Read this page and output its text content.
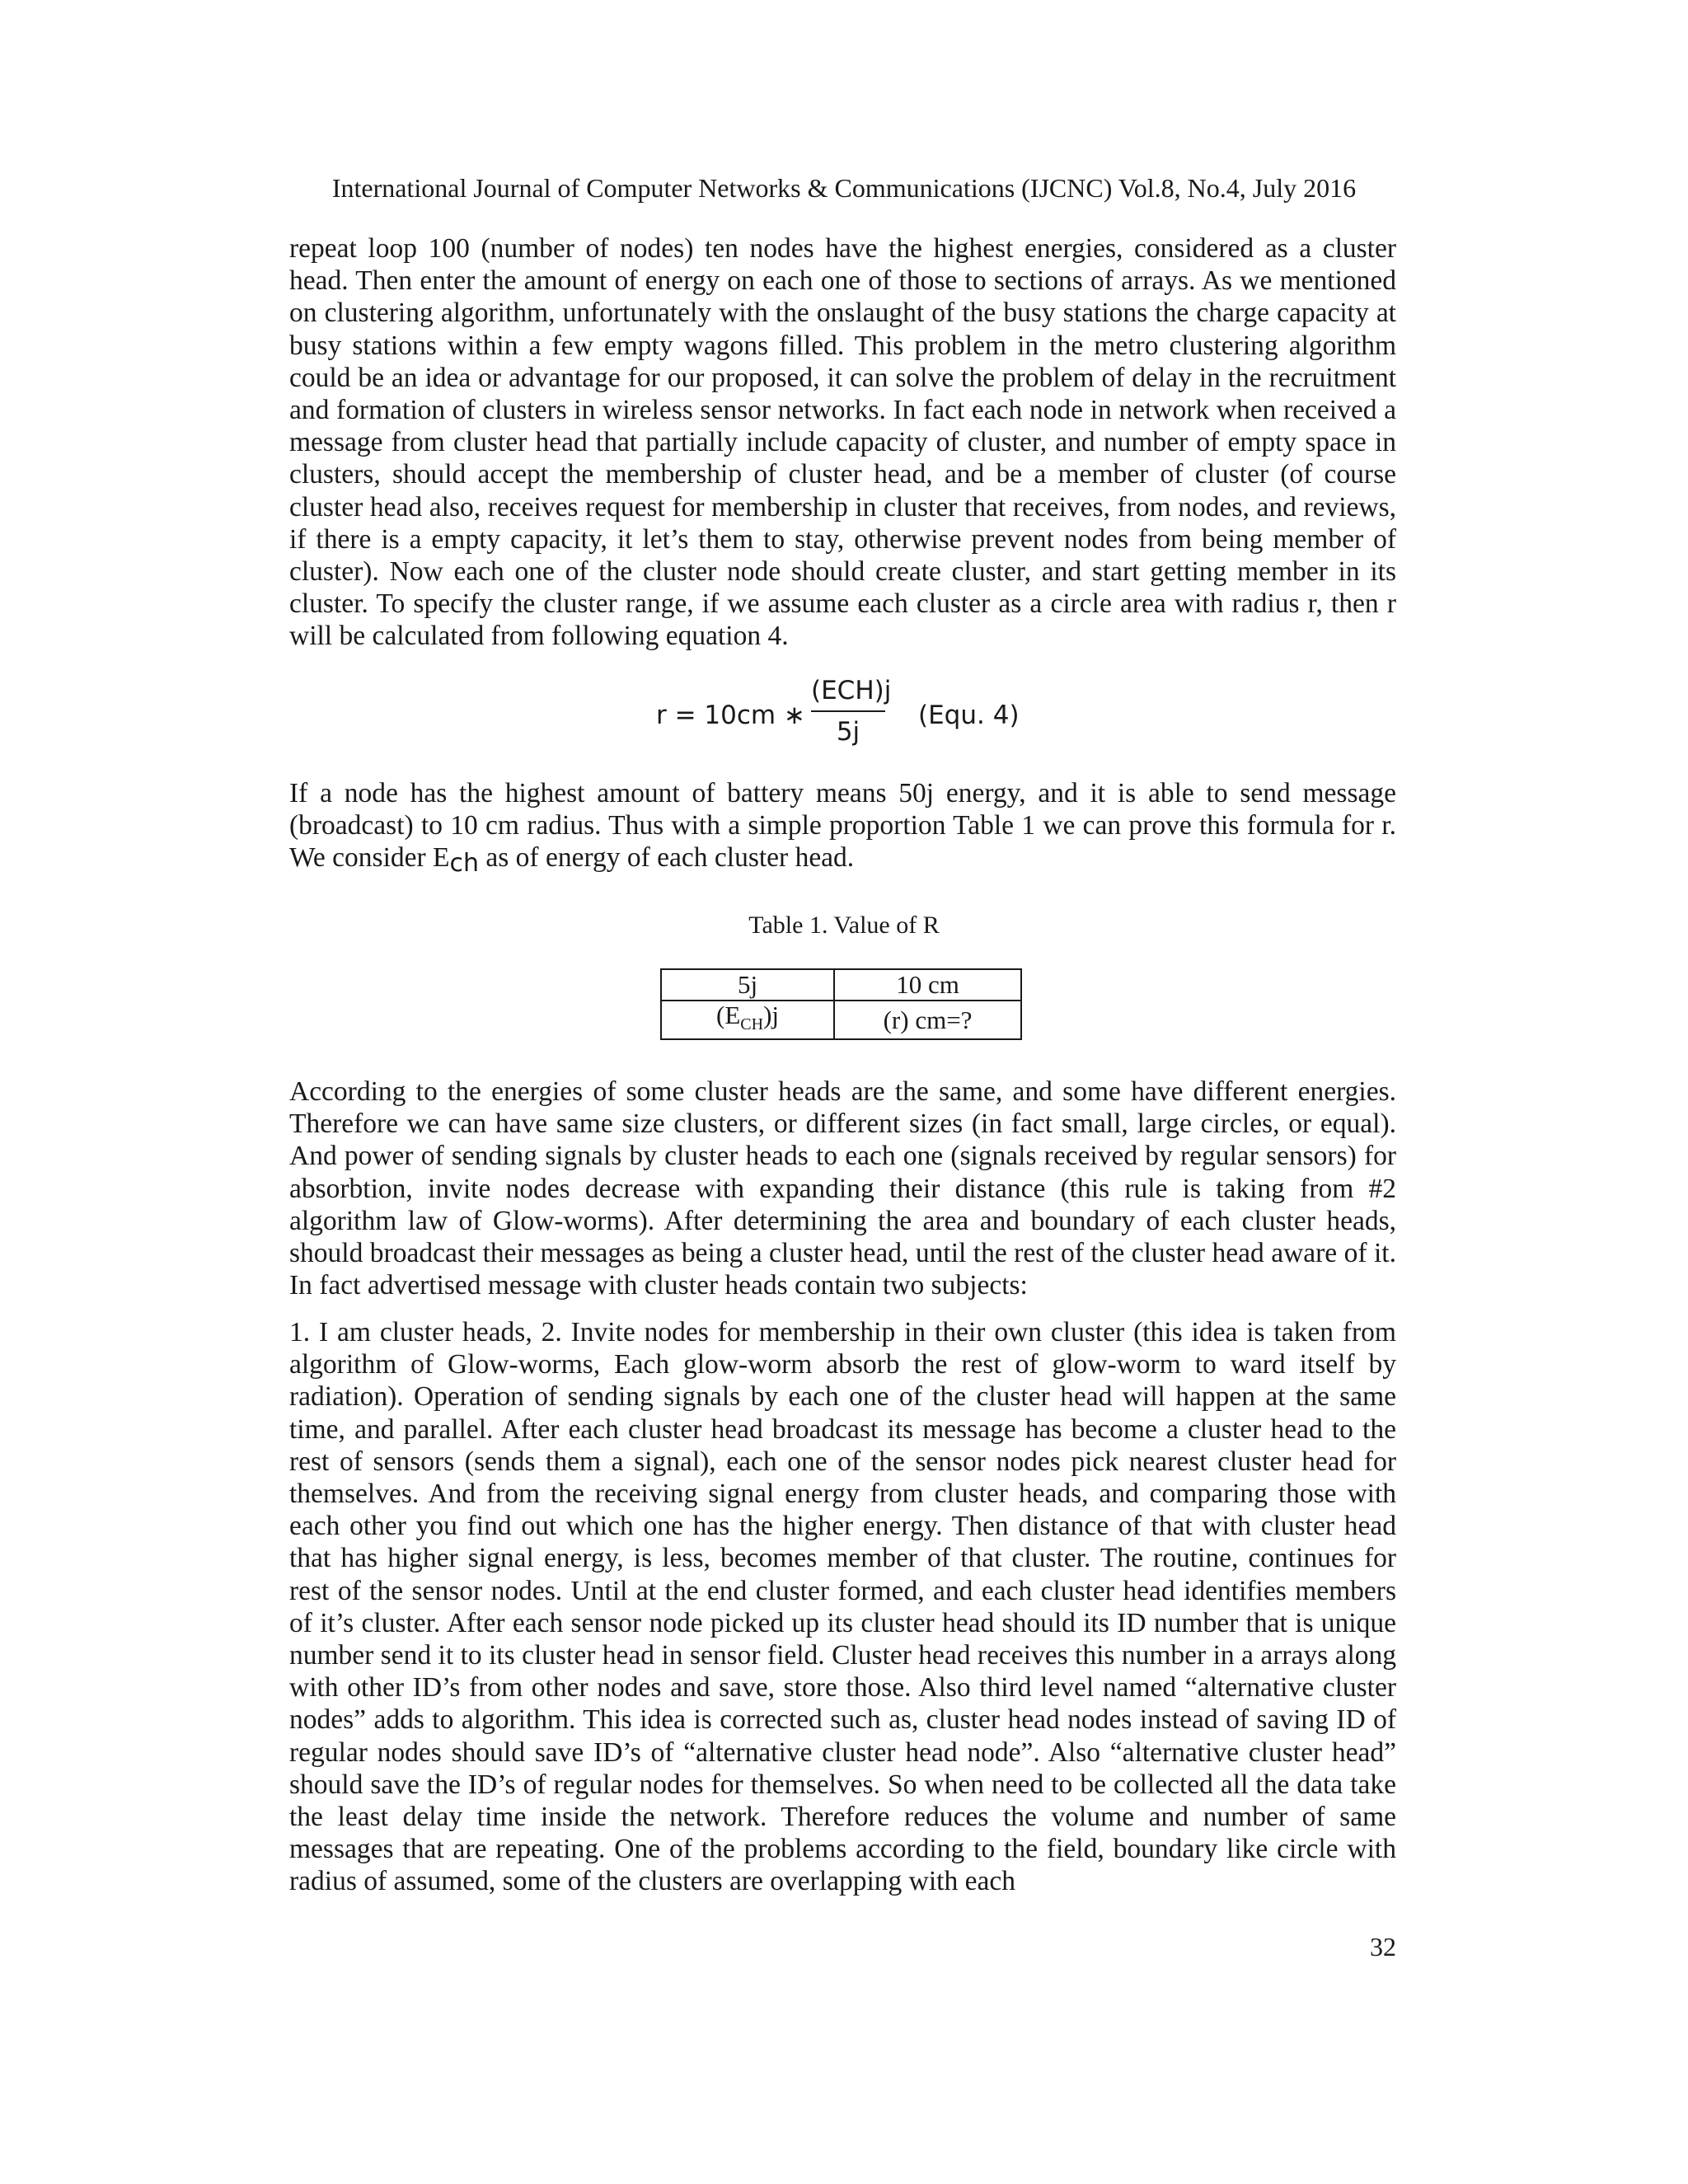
International Journal of Computer Networks & Communications (IJCNC) Vol.8, No.4, July 2016

repeat loop 100 (number of nodes) ten nodes have the highest energies, considered as a cluster head. Then enter the amount of energy on each one of those to sections of arrays. As we mentioned on clustering algorithm, unfortunately with the onslaught of the busy stations the charge capacity at busy stations within a few empty wagons filled. This problem in the metro clustering algorithm could be an idea or advantage for our proposed, it can solve the problem of delay in the recruitment and formation of clusters in wireless sensor networks. In fact each node in network when received a message from cluster head that partially include capacity of cluster, and number of empty space in clusters, should accept the membership of cluster head, and be a member of cluster (of course cluster head also, receives request for membership in cluster that receives, from nodes, and reviews, if there is a empty capacity, it let’s them to stay, otherwise prevent nodes from being member of cluster). Now each one of the cluster node should create cluster, and start getting member in its cluster. To specify the cluster range, if we assume each cluster as a circle area with radius r, then r will be calculated from following equation 4.

r = 10cm ∗
(ECH)j
5j
(Equ. 4)

If a node has the highest amount of battery means 50j energy, and it is able to send message (broadcast) to 10 cm radius. Thus with a simple proportion Table 1 we can prove this formula for r. We consider Ech as of energy of each cluster head.

Table 1. Value of R
5j	10 cm
$(E_{CH})j$	(r) cm=?

According to the energies of some cluster heads are the same, and some have different energies. Therefore we can have same size clusters, or different sizes (in fact small, large circles, or equal). And power of sending signals by cluster heads to each one (signals received by regular sensors) for absorbtion, invite nodes decrease with expanding their distance (this rule is taking from #2 algorithm law of Glow-worms). After determining the area and boundary of each cluster heads, should broadcast their messages as being a cluster head, until the rest of the cluster head aware of it. In fact advertised message with cluster heads contain two subjects:

1. I am cluster heads, 2. Invite nodes for membership in their own cluster (this idea is taken from algorithm of Glow-worms, Each glow-worm absorb the rest of glow-worm to ward itself by radiation). Operation of sending signals by each one of the cluster head will happen at the same time, and parallel. After each cluster head broadcast its message has become a cluster head to the rest of sensors (sends them a signal), each one of the sensor nodes pick nearest cluster head for themselves. And from the receiving signal energy from cluster heads, and comparing those with each other you find out which one has the higher energy. Then distance of that with cluster head that has higher signal energy, is less, becomes member of that cluster. The routine, continues for rest of the sensor nodes. Until at the end cluster formed, and each cluster head identifies members of it’s cluster. After each sensor node picked up its cluster head should its ID number that is unique number send it to its cluster head in sensor field. Cluster head receives this number in a arrays along with other ID’s from other nodes and save, store those. Also third level named “alternative cluster nodes” adds to algorithm. This idea is corrected such as, cluster head nodes instead of saving ID of regular nodes should save ID’s of “alternative cluster head node”. Also “alternative cluster head” should save the ID’s of regular nodes for themselves. So when need to be collected all the data take the least delay time inside the network. Therefore reduces the volume and number of same messages that are repeating. One of the problems according to the field, boundary like circle with radius of assumed, some of the clusters are overlapping with each

32
